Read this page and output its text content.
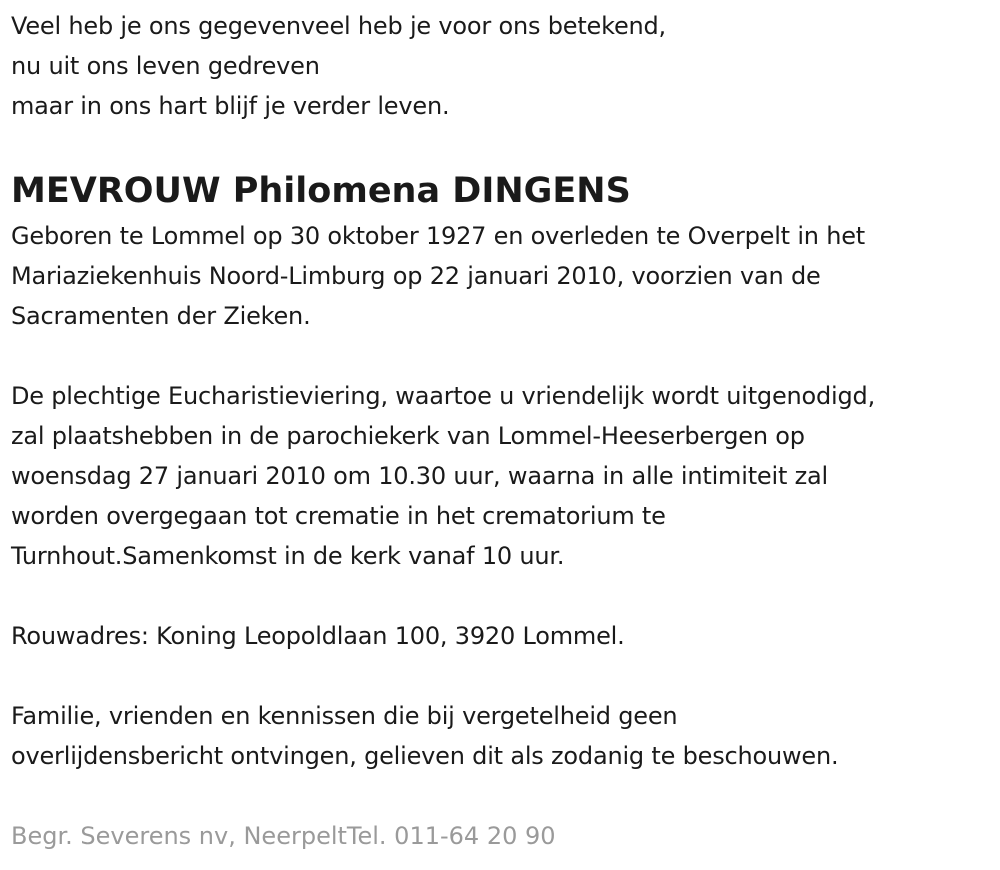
Veel heb je ons gegevenveel heb je voor ons betekend,
nu uit ons leven gedreven
maar in ons hart blijf je verder leven.
MEVROUW Philomena DINGENS
Geboren te Lommel op 30 oktober 1927 en overleden te Overpelt in het
Mariaziekenhuis Noord-Limburg op 22 januari 2010, voorzien van de
Sacramenten der Zieken.
De plechtige Eucharistieviering, waartoe u vriendelijk wordt uitgenodigd,
zal plaatshebben in de parochiekerk van Lommel-Heeserbergen op
woensdag 27 januari 2010 om 10.30 uur, waarna in alle intimiteit zal
worden overgegaan tot crematie in het crematorium te
Turnhout.Samenkomst in de kerk vanaf 10 uur.
Rouwadres: Koning Leopoldlaan 100, 3920 Lommel.
Familie, vrienden en kennissen die bij vergetelheid geen
overlijdensbericht ontvingen, gelieven dit als zodanig te beschouwen.
Begr. Severens nv, NeerpeltTel. 011-64 20 90
